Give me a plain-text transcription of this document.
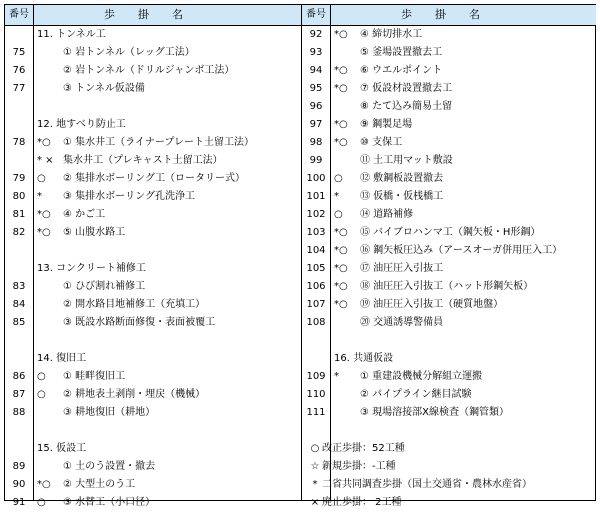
番号	歩　掛　名
11. トンネル工
75	① 岩トンネル（レッグ工法）
76	② 岩トンネル（ドリルジャンボ工法）
77	③ トンネル仮設備
12. 地すべり防止工
78	*○	① 集水井工（ライナープレート土留工法）
* × 集水井工（プレキャスト土留工法）
79	○	② 集排水ボーリング工（ロータリー式）
80	*	③ 集排水ボーリング孔洗浄工
81	*○	④ かご工
82	*○	⑤ 山腹水路工
13. コンクリート補修工
83	① ひび割れ補修工
84	② 開水路目地補修工（充填工）
85	③ 既設水路断面修復・表面被覆工
14. 復旧工
86	○	① 畦畔復旧工
87	○	② 耕地表土剥削・埋戻（機械）
88	③ 耕地復旧（耕地）
15. 仮設工
89	① 土のう設置・撤去
90	*○	② 大型土のう工
91	○	③ 水替工（小口径）
番号	歩　掛　名
92	*○	④ 締切排水工
93	⑤ 釜場設置撤去工
94	*○	⑥ ウエルポイント
95	*○	⑦ 仮設材設置撤去工
96	⑧ たて込み簡易土留
97	*○	⑨ 鋼製足場
98	*○	⑩ 支保工
99	⑪ 土工用マット敷設
100 ○	⑫ 敷鋼板設置撤去
101 *	⑬ 仮橋・仮桟橋工
102 ○	⑭ 道路補修
103 *○	⑮ バイブロハンマ工（鋼矢板・H形鋼）
104 *○	⑯ 鋼矢板圧込み（アースオーガ併用圧入工）
105 *○	⑰ 油圧圧入引抜工
106 *○	⑱ 油圧圧入引抜工（ハット形鋼矢板）
107 *○	⑲ 油圧圧入引抜工（硬質地盤）
108	⑳ 交通誘導警備員
16. 共通仮設
109 *	① 重建設機械分解組立運搬
110	② パイプライン継目試験
111	③ 現場溶接部X線検査（鋼管類）
○ 改正歩掛：52工種
☆ 新規歩掛：-工種
* 二省共同調査歩掛（国土交通省・農林水産省）
× 廃止歩掛： 2工種
